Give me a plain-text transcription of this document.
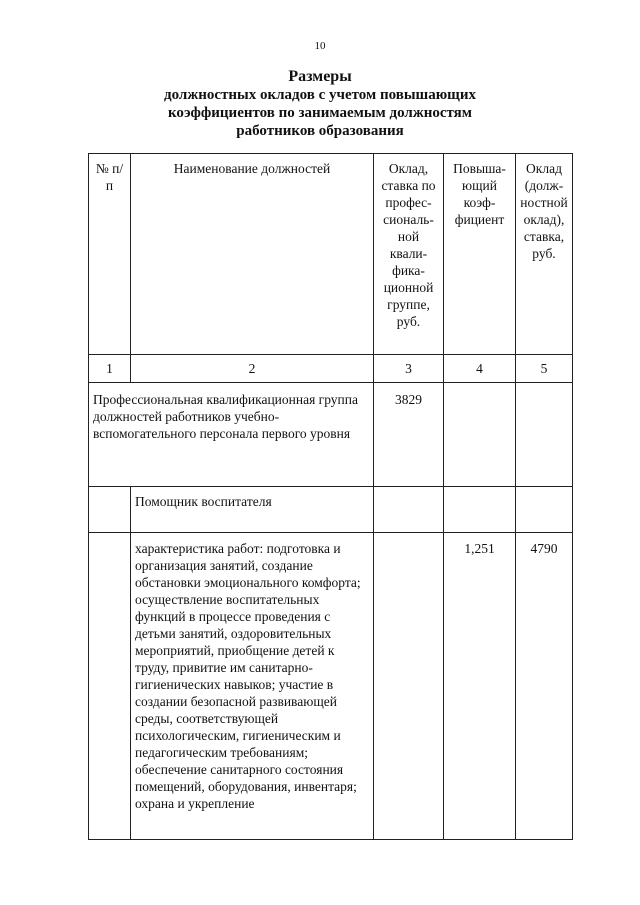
10
Размеры
должностных окладов с учетом повышающих
коэффициентов по занимаемым должностям
работников образования
№ п/п	Наименование должностей	Оклад, ставка по профес-сиональ-ной квали-фика-ционной группе, руб.	Повыша-ющий коэф-фициент	Оклад (долж-ностной оклад), ставка, руб.
1	2	3	4	5
Профессиональная квалификационная группа должностей работников учебно-вспомогательного персонала первого уровня		3829		
	Помощник воспитателя			
	характеристика работ: подготовка и организация занятий, создание обстановки эмоционального комфорта; осуществление воспитательных функций в процессе проведения с детьми занятий, оздоровительных мероприятий, приобщение детей к труду, привитие им санитарно-гигиенических навыков; участие в создании безопасной развивающей среды, соответствующей психологическим, гигиеническим и педагогическим требованиям; обеспечение санитарного состояния помещений, оборудования, инвентаря; охрана и укрепление		1,251	4790
